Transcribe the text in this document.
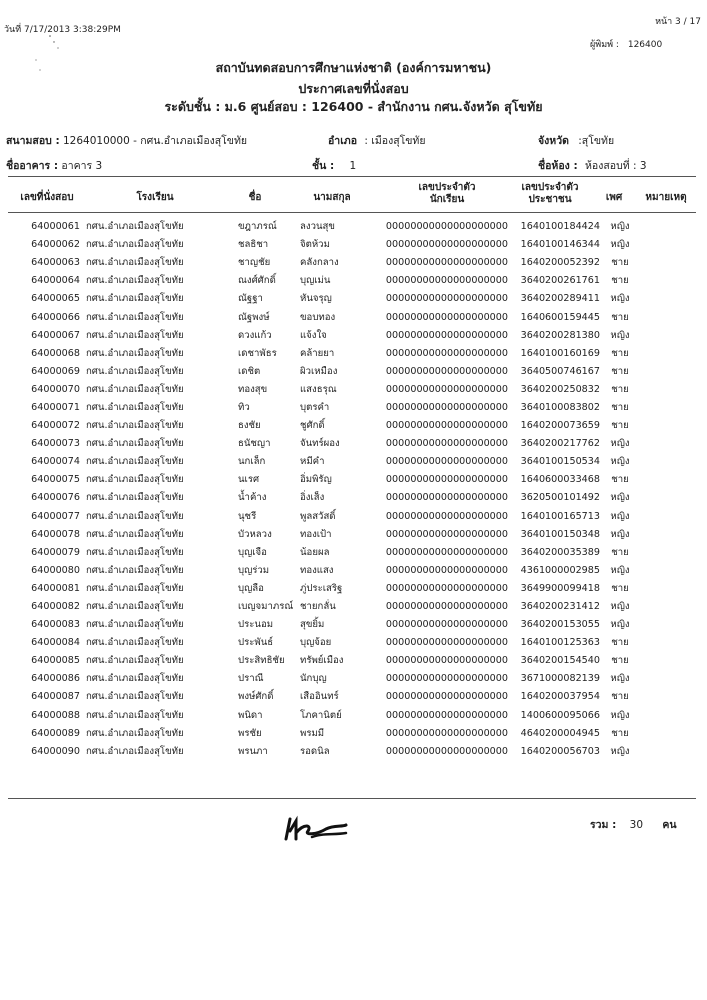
วันที่ 7/17/2013 3:38:29PM
หน้า 3 / 17
ผู้พิมพ์ : 126400
สถาบันทดสอบการศึกษาแห่งชาติ (องค์การมหาชน)
ประกาศเลขที่นั่งสอบ
ระดับชั้น : ม.6 ศูนย์สอบ : 126400 - สำนักงาน กศน.จังหวัด สุโขทัย
สนามสอบ : 1264010000 - กศน.อำเภอเมืองสุโขทัย	อำเภอ : เมืองสุโขทัย	จังหวัด :สุโขทัย
ชื่ออาคาร : อาคาร 3	ชั้น : 1	ชื่อห้อง : ห้องสอบที่ : 3
เลขที่นั่งสอบ	โรงเรียน	ชื่อ	นามสกุล
เลขประจำตัว
นักเรียน
เลขประจำตัว
ประชาชน	เพศ	หมายเหตุ
64000061	กศน.อำเภอเมืองสุโขทัย	ขฎาภรณ์	ลงวนสุข	00000000000000000000	1640100184424	หญิง	
64000062	กศน.อำเภอเมืองสุโขทัย	ชลธิชา	จิตห้วม	00000000000000000000	1640100146344	หญิง	
64000063	กศน.อำเภอเมืองสุโขทัย	ชาญชัย	คลังกลาง	00000000000000000000	1640200052392	ชาย	
64000064	กศน.อำเภอเมืองสุโขทัย	ณงศ์ศักดิ์	บุญเม่น	00000000000000000000	3640200261761	ชาย	
64000065	กศน.อำเภอเมืองสุโขทัย	ณัฐฐา	หันจรุญ	00000000000000000000	3640200289411	หญิง	
64000066	กศน.อำเภอเมืองสุโขทัย	ณัฐพงษ์	ขอบทอง	00000000000000000000	1640600159445	ชาย	
64000067	กศน.อำเภอเมืองสุโขทัย	ดวงแก้ว	แจ้งใจ	00000000000000000000	3640200281380	หญิง	
64000068	กศน.อำเภอเมืองสุโขทัย	เดชาพัธร	คล้ายยา	00000000000000000000	1640100160169	ชาย	
64000069	กศน.อำเภอเมืองสุโขทัย	เดชิต	ผิวเหมือง	00000000000000000000	3640500746167	ชาย	
64000070	กศน.อำเภอเมืองสุโขทัย	ทองสุข	แสงธรุณ	00000000000000000000	3640200250832	ชาย	
64000071	กศน.อำเภอเมืองสุโขทัย	ทิว	บุตรคำ	00000000000000000000	3640100083802	ชาย	
64000072	กศน.อำเภอเมืองสุโขทัย	ธงชัย	ชูศักดิ์	00000000000000000000	1640200073659	ชาย	
64000073	กศน.อำเภอเมืองสุโขทัย	ธนัชญา	จันทร์ผอง	00000000000000000000	3640200217762	หญิง	
64000074	กศน.อำเภอเมืองสุโขทัย	นกเล็ก	หมีคำ	00000000000000000000	3640100150534	หญิง	
64000075	กศน.อำเภอเมืองสุโขทัย	นเรศ	อิ่มพิรัญ	00000000000000000000	1640600033468	ชาย	
64000076	กศน.อำเภอเมืองสุโขทัย	น้ำค้าง	อิ่งเส็ง	00000000000000000000	3620500101492	หญิง	
64000077	กศน.อำเภอเมืองสุโขทัย	นุชรี	พูลสวัสดิ์	00000000000000000000	1640100165713	หญิง	
64000078	กศน.อำเภอเมืองสุโขทัย	บัวหลวง	ทองเป้า	00000000000000000000	3640100150348	หญิง	
64000079	กศน.อำเภอเมืองสุโขทัย	บุญเจือ	น้อยผล	00000000000000000000	3640200035389	ชาย	
64000080	กศน.อำเภอเมืองสุโขทัย	บุญร่วม	ทองแสง	00000000000000000000	4361000002985	หญิง	
64000081	กศน.อำเภอเมืองสุโขทัย	บุญลือ	ภู่ประเสริฐ	00000000000000000000	3649900099418	ชาย	
64000082	กศน.อำเภอเมืองสุโขทัย	เบญจมาภรณ์	ชายกลั่น	00000000000000000000	3640200231412	หญิง	
64000083	กศน.อำเภอเมืองสุโขทัย	ประนอม	สุขยิ้ม	00000000000000000000	3640200153055	หญิง	
64000084	กศน.อำเภอเมืองสุโขทัย	ประพันธ์	บุญจ้อย	00000000000000000000	1640100125363	ชาย	
64000085	กศน.อำเภอเมืองสุโขทัย	ประสิทธิชัย	ทรัพย์เมือง	00000000000000000000	3640200154540	ชาย	
64000086	กศน.อำเภอเมืองสุโขทัย	ปราณี	นักบุญ	00000000000000000000	3671000082139	หญิง	
64000087	กศน.อำเภอเมืองสุโขทัย	พงษ์ศักดิ์	เสืออินทร์	00000000000000000000	1640200037954	ชาย	
64000088	กศน.อำเภอเมืองสุโขทัย	พนิดา	โภคานิตย์	00000000000000000000	1400600095066	หญิง	
64000089	กศน.อำเภอเมืองสุโขทัย	พรชัย	พรมมี	00000000000000000000	4640200004945	ชาย	
64000090	กศน.อำเภอเมืองสุโขทัย	พรนภา	รอดนิล	00000000000000000000	1640200056703	หญิง	
รวม : 30 คน
